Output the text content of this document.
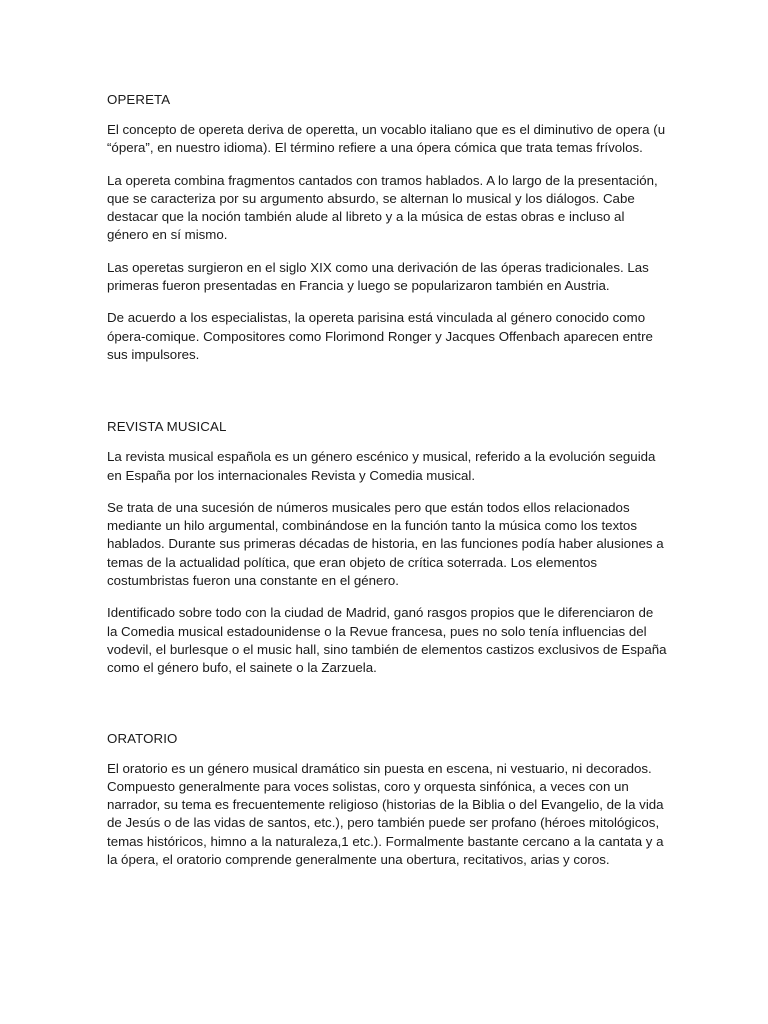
OPERETA

El concepto de opereta deriva de operetta, un vocablo italiano que es el diminutivo de opera (u “ópera”, en nuestro idioma). El término refiere a una ópera cómica que trata temas frívolos.

La opereta combina fragmentos cantados con tramos hablados. A lo largo de la presentación, que se caracteriza por su argumento absurdo, se alternan lo musical y los diálogos. Cabe destacar que la noción también alude al libreto y a la música de estas obras e incluso al género en sí mismo.

Las operetas surgieron en el siglo XIX como una derivación de las óperas tradicionales. Las primeras fueron presentadas en Francia y luego se popularizaron también en Austria.

De acuerdo a los especialistas, la opereta parisina está vinculada al género conocido como ópera-comique. Compositores como Florimond Ronger y Jacques Offenbach aparecen entre sus impulsores.

REVISTA MUSICAL

La revista musical española es un género escénico y musical, referido a la evolución seguida en España por los internacionales Revista y Comedia musical.

Se trata de una sucesión de números musicales pero que están todos ellos relacionados mediante un hilo argumental, combinándose en la función tanto la música como los textos hablados. Durante sus primeras décadas de historia, en las funciones podía haber alusiones a temas de la actualidad política, que eran objeto de crítica soterrada. Los elementos costumbristas fueron una constante en el género.

Identificado sobre todo con la ciudad de Madrid, ganó rasgos propios que le diferenciaron de la Comedia musical estadounidense o la Revue francesa, pues no solo tenía influencias del vodevil, el burlesque o el music hall, sino también de elementos castizos exclusivos de España como el género bufo, el sainete o la Zarzuela.

ORATORIO

El oratorio es un género musical dramático sin puesta en escena, ni vestuario, ni decorados. Compuesto generalmente para voces solistas, coro y orquesta sinfónica, a veces con un narrador, su tema es frecuentemente religioso (historias de la Biblia o del Evangelio, de la vida de Jesús o de las vidas de santos, etc.), pero también puede ser profano (héroes mitológicos, temas históricos, himno a la naturaleza,1 etc.). Formalmente bastante cercano a la cantata y a la ópera, el oratorio comprende generalmente una obertura, recitativos, arias y coros.
